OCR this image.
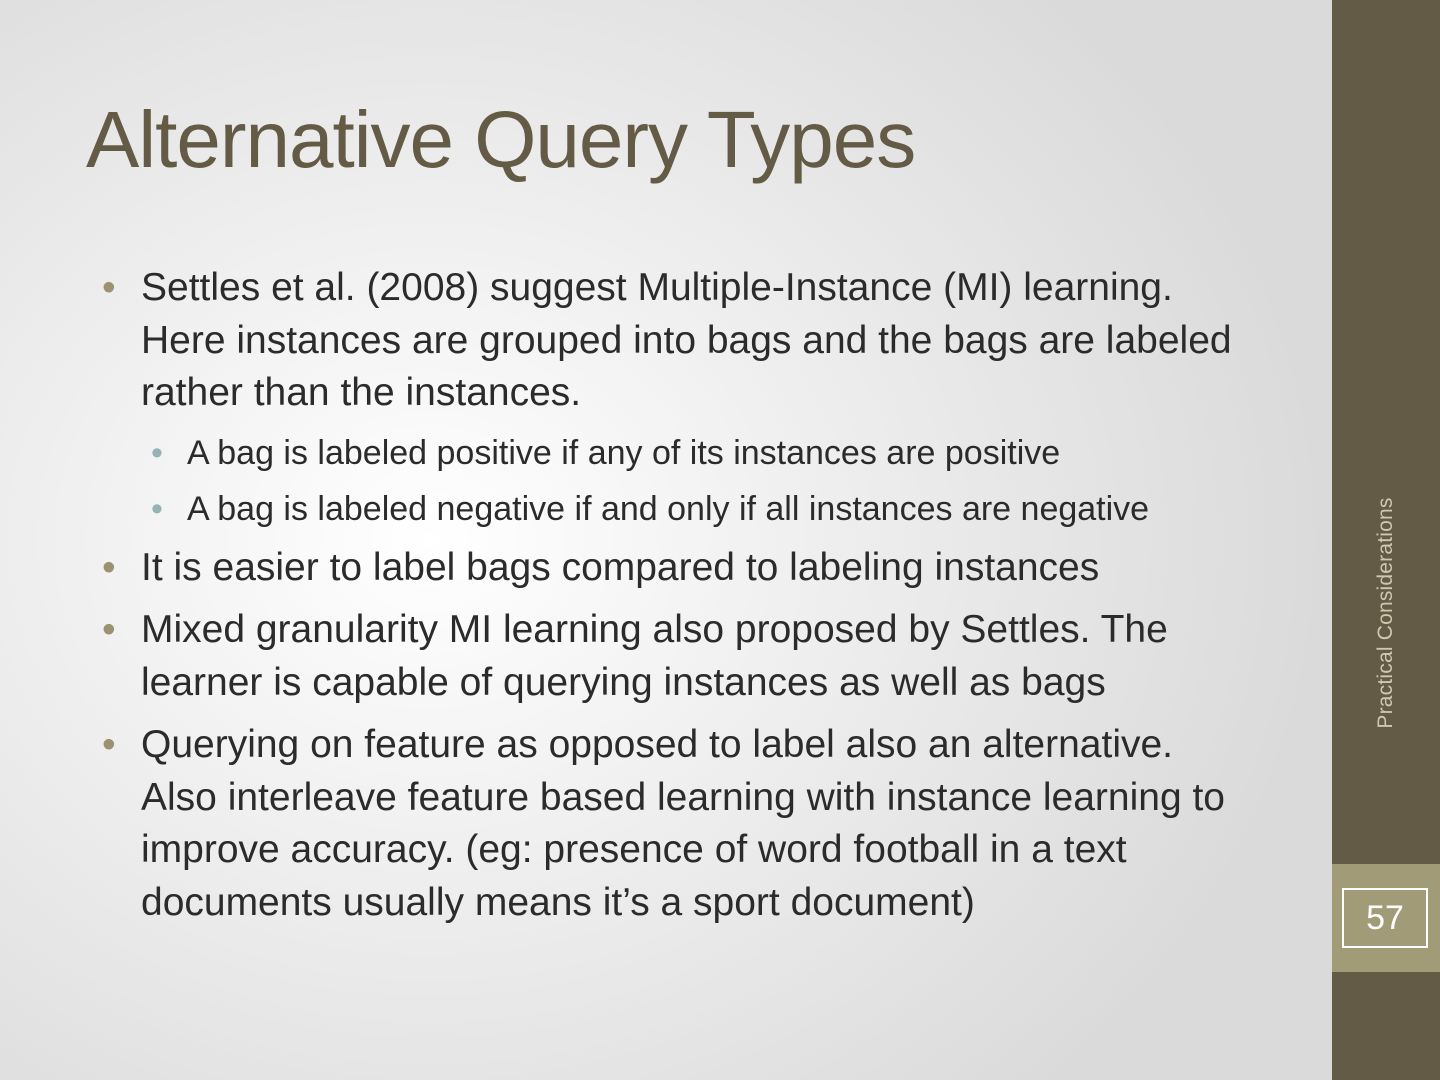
Alternative Query Types
• Settles et al. (2008) suggest Multiple-Instance (MI) learning. Here instances are grouped into bags and the bags are labeled rather than the instances.
• A bag is labeled positive if any of its instances are positive
• A bag is labeled negative if and only if all instances are negative
• It is easier to label bags compared to labeling instances
• Mixed granularity MI learning also proposed by Settles. The learner is capable of querying instances as well as bags
• Querying on feature as opposed to label also an alternative. Also interleave feature based learning with instance learning to improve accuracy. (eg: presence of word football in a text documents usually means it’s a sport document)
Practical Considerations
57
